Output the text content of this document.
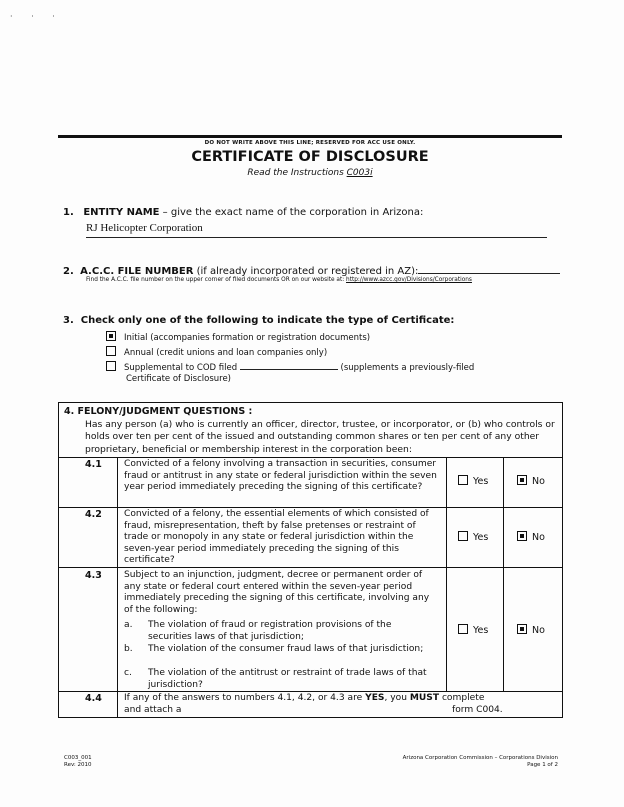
· · ·
DO NOT WRITE ABOVE THIS LINE; RESERVED FOR ACC USE ONLY.
CERTIFICATE OF DISCLOSURE
Read the Instructions C003i
1. ENTITY NAME – give the exact name of the corporation in Arizona:
RJ Helicopter Corporation
2. A.C.C. FILE NUMBER (if already incorporated or registered in AZ):
Find the A.C.C. file number on the upper corner of filed documents OR on our website at: http://www.azcc.gov/Divisions/Corporations
3. Check only one of the following to indicate the type of Certificate:
Initial (accompanies formation or registration documents)
Annual (credit unions and loan companies only)
Supplemental to COD filed	(supplements a previously-filed
Certificate of Disclosure)
4. FELONY/JUDGMENT QUESTIONS :
Has any person (a) who is currently an officer, director, trustee, or incorporator, or (b) who controls or holds over ten per cent of the issued and outstanding common shares or ten per cent of any other proprietary, beneficial or membership interest in the corporation been:
4.1 Convicted of a felony involving a transaction in securities, consumer fraud or antitrust in any state or federal jurisdiction within the seven year period immediately preceding the signing of this certificate?
Yes	No
4.2 Convicted of a felony, the essential elements of which consisted of fraud, misrepresentation, theft by false pretenses or restraint of trade or monopoly in any state or federal jurisdiction within the seven-year period immediately preceding the signing of this certificate?
Yes	No
4.3 Subject to an injunction, judgment, decree or permanent order of any state or federal court entered within the seven-year period immediately preceding the signing of this certificate, involving any of the following:
a. The violation of fraud or registration provisions of the securities laws of that jurisdiction;
b. The violation of the consumer fraud laws of that jurisdiction;
c. The violation of the antitrust or restraint of trade laws of that jurisdiction?
Yes	No
4.4 If any of the answers to numbers 4.1, 4.2, or 4.3 are YES, you MUST complete
and attach a	form C004.
C003_001
Rev: 2010
Arizona Corporation Commission – Corporations Division
Page 1 of 2
